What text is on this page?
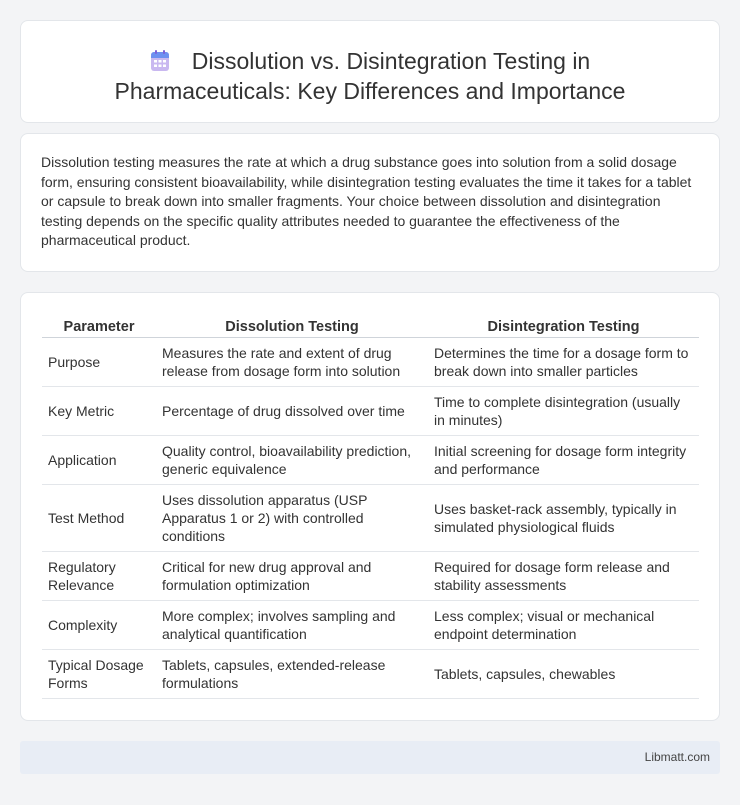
Dissolution vs. Disintegration Testing in
Pharmaceuticals: Key Differences and Importance

Dissolution testing measures the rate at which a drug substance goes into solution from a solid dosage form, ensuring consistent bioavailability, while disintegration testing evaluates the time it takes for a tablet or capsule to break down into smaller fragments. Your choice between dissolution and disintegration testing depends on the specific quality attributes needed to guarantee the effectiveness of the pharmaceutical product.

Parameter	Dissolution Testing	Disintegration Testing
Purpose	Measures the rate and extent of drug release from dosage form into solution	Determines the time for a dosage form to break down into smaller particles
Key Metric	Percentage of drug dissolved over time	Time to complete disintegration (usually in minutes)
Application	Quality control, bioavailability prediction, generic equivalence	Initial screening for dosage form integrity and performance
Test Method	Uses dissolution apparatus (USP Apparatus 1 or 2) with controlled conditions	Uses basket-rack assembly, typically in simulated physiological fluids
Regulatory Relevance	Critical for new drug approval and formulation optimization	Required for dosage form release and stability assessments
Complexity	More complex; involves sampling and analytical quantification	Less complex; visual or mechanical endpoint determination
Typical Dosage Forms	Tablets, capsules, extended-release formulations	Tablets, capsules, chewables
Libmatt.com
